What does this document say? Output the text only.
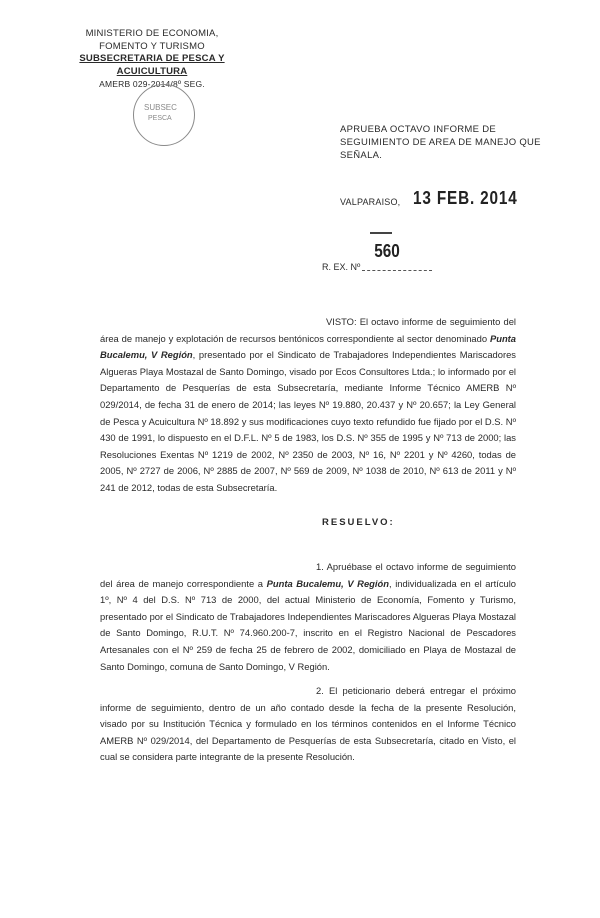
MINISTERIO DE ECONOMIA,
FOMENTO Y TURISMO
SUBSECRETARIA DE PESCA Y ACUICULTURA
AMERB 029-2014/8º SEG.
SUBSEC
PESCA
APRUEBA OCTAVO INFORME DE SEGUIMIENTO DE AREA DE MANEJO QUE SEÑALA.
VALPARAISO, 13 FEB. 2014
560
R. EX. Nº
VISTO: El octavo informe de seguimiento del área de manejo y explotación de recursos bentónicos correspondiente al sector denominado Punta Bucalemu, V Región, presentado por el Sindicato de Trabajadores Independientes Mariscadores Algueras Playa Mostazal de Santo Domingo, visado por Ecos Consultores Ltda.; lo informado por el Departamento de Pesquerías de esta Subsecretaría, mediante Informe Técnico AMERB Nº 029/2014, de fecha 31 de enero de 2014; las leyes Nº 19.880, 20.437 y Nº 20.657; la Ley General de Pesca y Acuicultura Nº 18.892 y sus modificaciones cuyo texto refundido fue fijado por el D.S. Nº 430 de 1991, lo dispuesto en el D.F.L. Nº 5 de 1983, los D.S. Nº 355 de 1995 y Nº 713 de 2000; las Resoluciones Exentas Nº 1219 de 2002, Nº 2350 de 2003, Nº 16, Nº 2201 y Nº 4260, todas de 2005, Nº 2727 de 2006, Nº 2885 de 2007, Nº 569 de 2009, Nº 1038 de 2010, Nº 613 de 2011 y Nº 241 de 2012, todas de esta Subsecretaría.
RESUELVO:
1. Apruébase el octavo informe de seguimiento del área de manejo correspondiente a Punta Bucalemu, V Región, individualizada en el artículo 1º, Nº 4 del D.S. Nº 713 de 2000, del actual Ministerio de Economía, Fomento y Turismo, presentado por el Sindicato de Trabajadores Independientes Mariscadores Algueras Playa Mostazal de Santo Domingo, R.U.T. Nº 74.960.200-7, inscrito en el Registro Nacional de Pescadores Artesanales con el Nº 259 de fecha 25 de febrero de 2002, domiciliado en Playa de Mostazal de Santo Domingo, comuna de Santo Domingo, V Región.
2. El peticionario deberá entregar el próximo informe de seguimiento, dentro de un año contado desde la fecha de la presente Resolución, visado por su Institución Técnica y formulado en los términos contenidos en el Informe Técnico AMERB Nº 029/2014, del Departamento de Pesquerías de esta Subsecretaría, citado en Visto, el cual se considera parte integrante de la presente Resolución.
